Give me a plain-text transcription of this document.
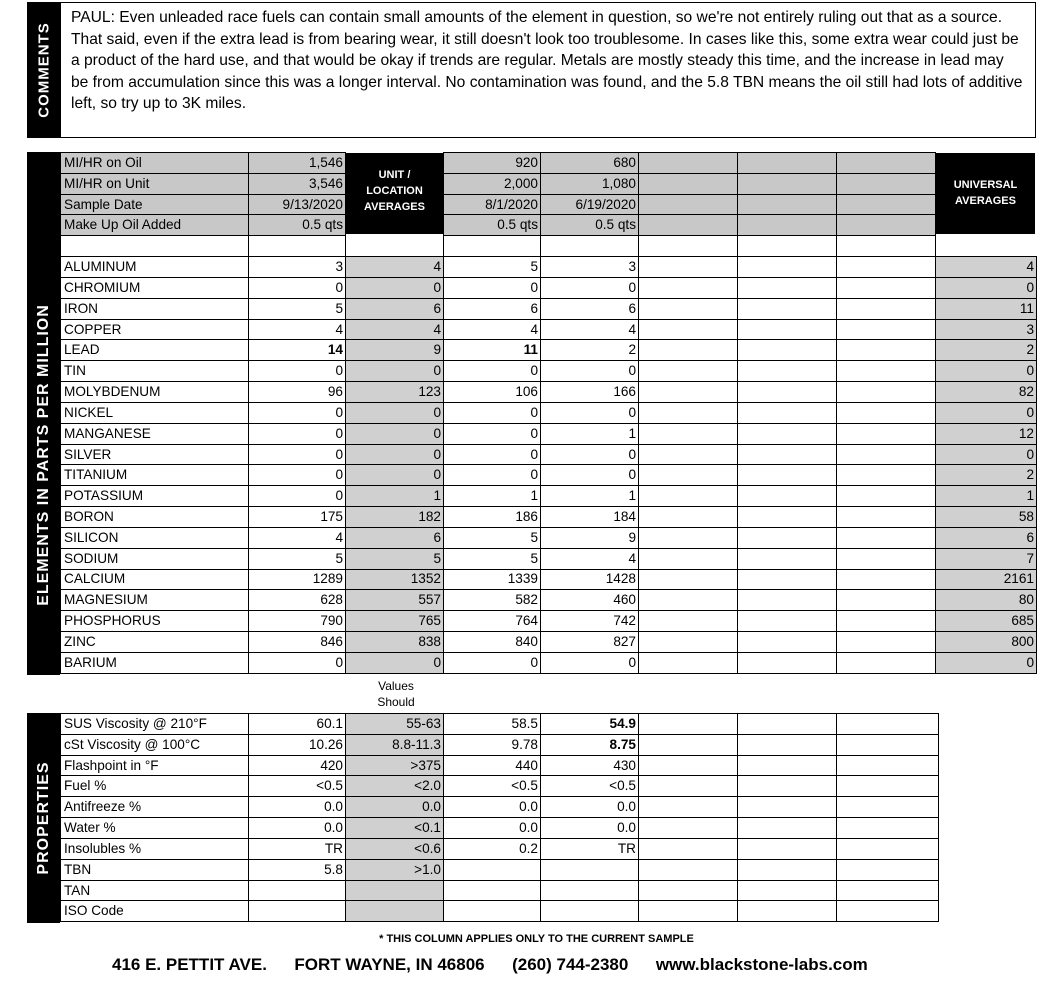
COMMENTS
PAUL: Even unleaded race fuels can contain small amounts of the element in question, so we're not entirely ruling out that as a source. That said, even if the extra lead is from bearing wear, it still doesn't look too troublesome. In cases like this, some extra wear could just be a product of the hard use, and that would be okay if trends are regular. Metals are mostly steady this time, and the increase in lead may be from accumulation since this was a longer interval. No contamination was found, and the 5.8 TBN means the oil still had lots of additive left, so try up to 3K miles.
ELEMENTS IN PARTS PER MILLION
MI/HR on Oil	1,546		920	680				
MI/HR on Unit	3,546		2,000	1,080				
Sample Date	9/13/2020		8/1/2020	6/19/2020				
Make Up Oil Added	0.5 qts		0.5 qts	0.5 qts				

ALUMINUM	3	4	5	3				4
CHROMIUM	0	0	0	0				0
IRON	5	6	6	6				11
COPPER	4	4	4	4				3
LEAD	14	9	11	2				2
TIN	0	0	0	0				0
MOLYBDENUM	96	123	106	166				82
NICKEL	0	0	0	0				0
MANGANESE	0	0	0	1				12
SILVER	0	0	0	0				0
TITANIUM	0	0	0	0				2
POTASSIUM	0	1	1	1				1
BORON	175	182	186	184				58
SILICON	4	6	5	9				6
SODIUM	5	5	5	4				7
CALCIUM	1289	1352	1339	1428				2161
MAGNESIUM	628	557	582	460				80
PHOSPHORUS	790	765	764	742				685
ZINC	846	838	840	827				800
BARIUM	0	0	0	0				0
UNIT / LOCATION AVERAGES
UNIVERSAL AVERAGES
Values Should
PROPERTIES
SUS Viscosity @ 210°F	60.1	55-63	58.5	54.9			
cSt Viscosity @ 100°C	10.26	8.8-11.3	9.78	8.75			
Flashpoint in °F	420	>375	440	430			
Fuel %	<0.5	<2.0	<0.5	<0.5			
Antifreeze %	0.0	0.0	0.0	0.0			
Water %	0.0	<0.1	0.0	0.0			
Insolubles %	TR	<0.6	0.2	TR			
TBN	5.8	>1.0					
TAN							
ISO Code							
* THIS COLUMN APPLIES ONLY TO THE CURRENT SAMPLE
416 E. PETTIT AVE. FORT WAYNE, IN 46806 (260) 744-2380 www.blackstone-labs.com
